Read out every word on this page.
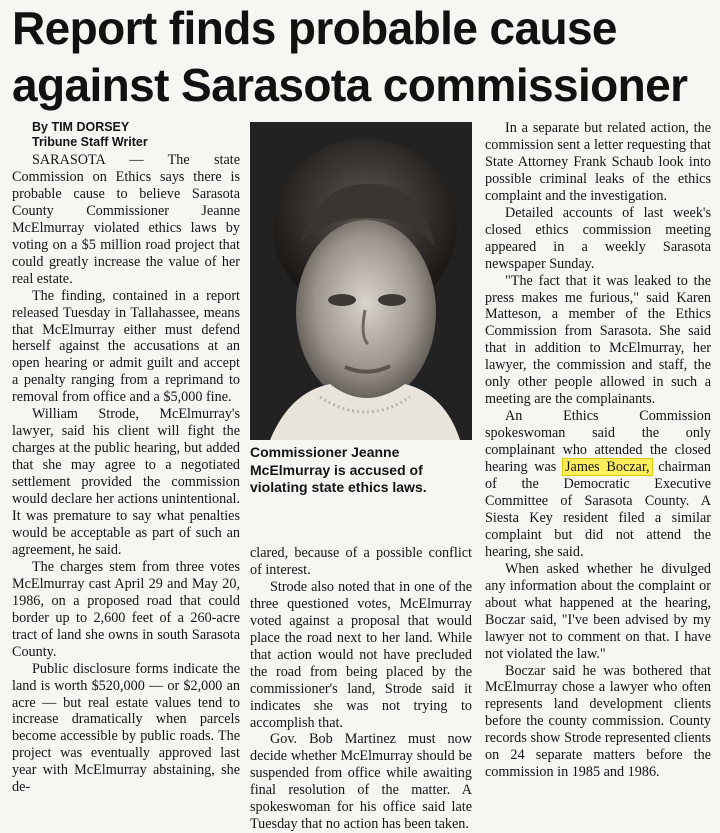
Report finds probable cause
against Sarasota commissioner

By TIM DORSEY

Tribune Staff Writer

SARASOTA — The state Commission on Ethics says there is probable cause to believe Sarasota County Commissioner Jeanne McElmurray violated ethics laws by voting on a $5 million road project that could greatly increase the value of her real estate.

The finding, contained in a report released Tuesday in Tallahassee, means that McElmurray either must defend herself against the accusations at an open hearing or admit guilt and accept a penalty ranging from a reprimand to removal from office and a $5,000 fine.

William Strode, McElmurray's lawyer, said his client will fight the charges at the public hearing, but added that she may agree to a negotiated settlement provided the commission would declare her actions unintentional. It was premature to say what penalties would be acceptable as part of such an agreement, he said.

The charges stem from three votes McElmurray cast April 29 and May 20, 1986, on a proposed road that could border up to 2,600 feet of a 260-acre tract of land she owns in south Sarasota County.

Public disclosure forms indicate the land is worth $520,000 — or $2,000 an acre — but real estate values tend to increase dramatically when parcels become accessible by public roads. The project was eventually approved last year with McElmurray abstaining, she de-

Commissioner Jeanne McElmurray is accused of violating state ethics laws.

clared, because of a possible conflict of interest.

Strode also noted that in one of the three questioned votes, McElmurray voted against a proposal that would place the road next to her land. While that action would not have precluded the road from being placed by the commissioner's land, Strode said it indicates she was not trying to accomplish that.

Gov. Bob Martinez must now decide whether McElmurray should be suspended from office while awaiting final resolution of the matter. A spokeswoman for his office said late Tuesday that no action has been taken.

In a separate but related action, the commission sent a letter requesting that State Attorney Frank Schaub look into possible criminal leaks of the ethics complaint and the investigation.

Detailed accounts of last week's closed ethics commission meeting appeared in a weekly Sarasota newspaper Sunday.

"The fact that it was leaked to the press makes me furious," said Karen Matteson, a member of the Ethics Commission from Sarasota. She said that in addition to McElmurray, her lawyer, the commission and staff, the only other people allowed in such a meeting are the complainants.

An Ethics Commission spokeswoman said the only complainant who attended the closed hearing was James Boczar, chairman of the Democratic Executive Committee of Sarasota County. A Siesta Key resident filed a similar complaint but did not attend the hearing, she said.

When asked whether he divulged any information about the complaint or about what happened at the hearing, Boczar said, "I've been advised by my lawyer not to comment on that. I have not violated the law."

Boczar said he was bothered that McElmurray chose a lawyer who often represents land development clients before the county commission. County records show Strode represented clients on 24 separate matters before the commission in 1985 and 1986.
